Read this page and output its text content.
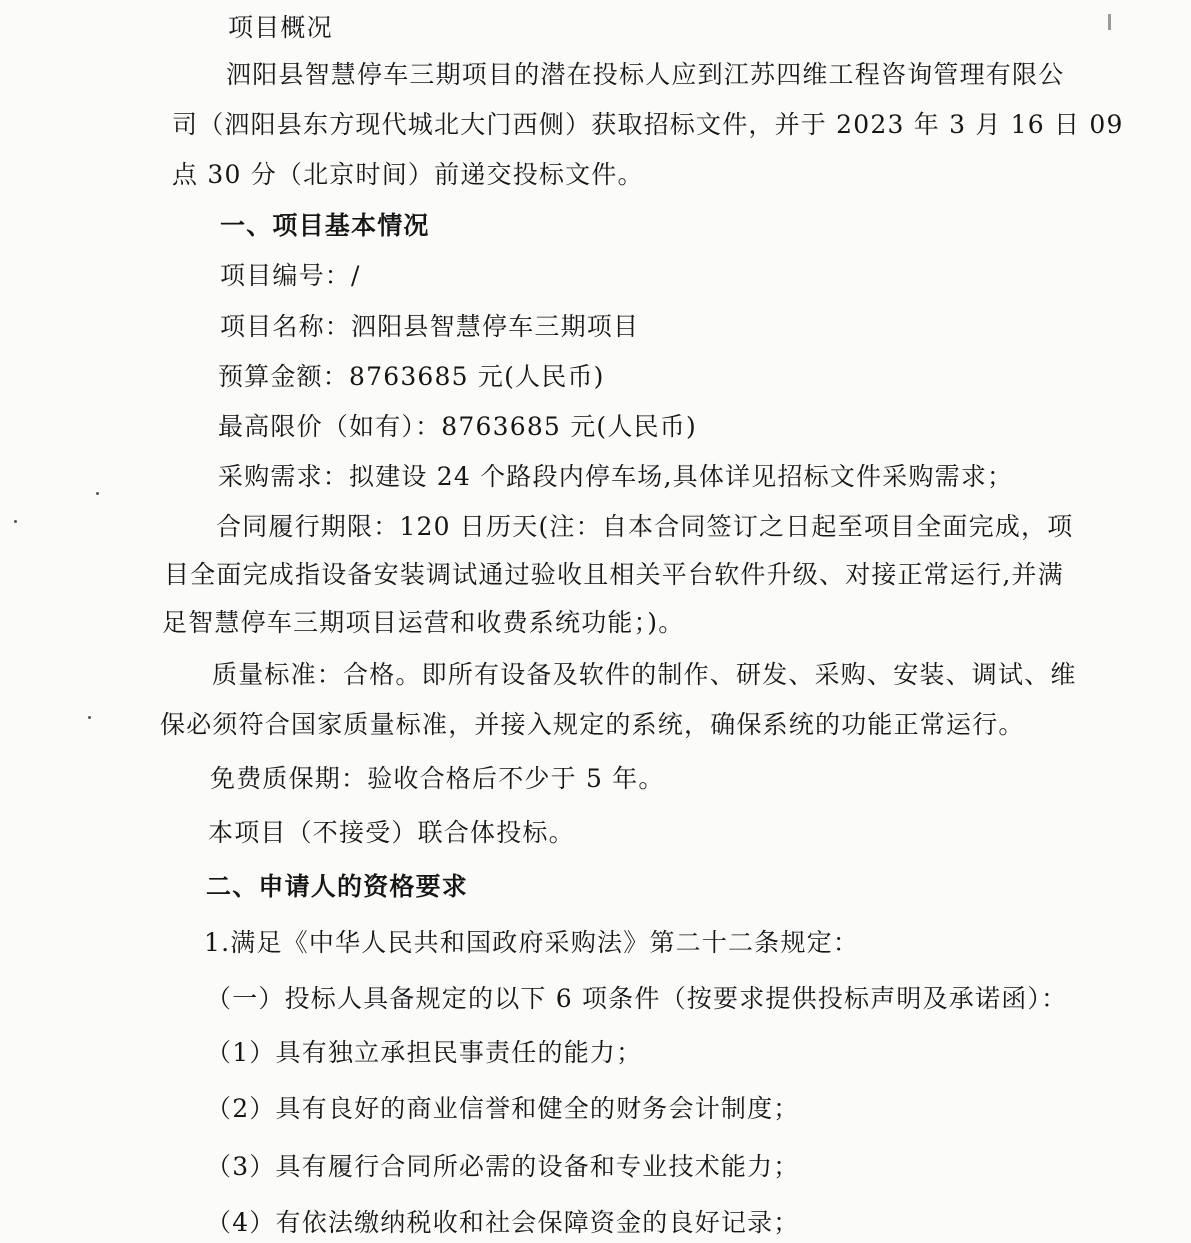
项目概况
泗阳县智慧停车三期项目的潜在投标人应到江苏四维工程咨询管理有限公
司（泗阳县东方现代城北大门西侧）获取招标文件，并于 2023 年 3 月 16 日 09
点 30 分（北京时间）前递交投标文件。
一、项目基本情况
项目编号：/
项目名称：泗阳县智慧停车三期项目
预算金额：8763685 元(人民币)
最高限价（如有）：8763685 元(人民币)
采购需求：拟建设 24 个路段内停车场,具体详见招标文件采购需求；
合同履行期限：120 日历天(注：自本合同签订之日起至项目全面完成，项
目全面完成指设备安装调试通过验收且相关平台软件升级、对接正常运行,并满
足智慧停车三期项目运营和收费系统功能；)。
质量标准：合格。即所有设备及软件的制作、研发、采购、安装、调试、维
保必须符合国家质量标准，并接入规定的系统，确保系统的功能正常运行。
免费质保期：验收合格后不少于 5 年。
本项目（不接受）联合体投标。
二、申请人的资格要求
1.满足《中华人民共和国政府采购法》第二十二条规定：
（一）投标人具备规定的以下 6 项条件（按要求提供投标声明及承诺函）：
（1）具有独立承担民事责任的能力；
（2）具有良好的商业信誉和健全的财务会计制度；
（3）具有履行合同所必需的设备和专业技术能力；
（4）有依法缴纳税收和社会保障资金的良好记录；
